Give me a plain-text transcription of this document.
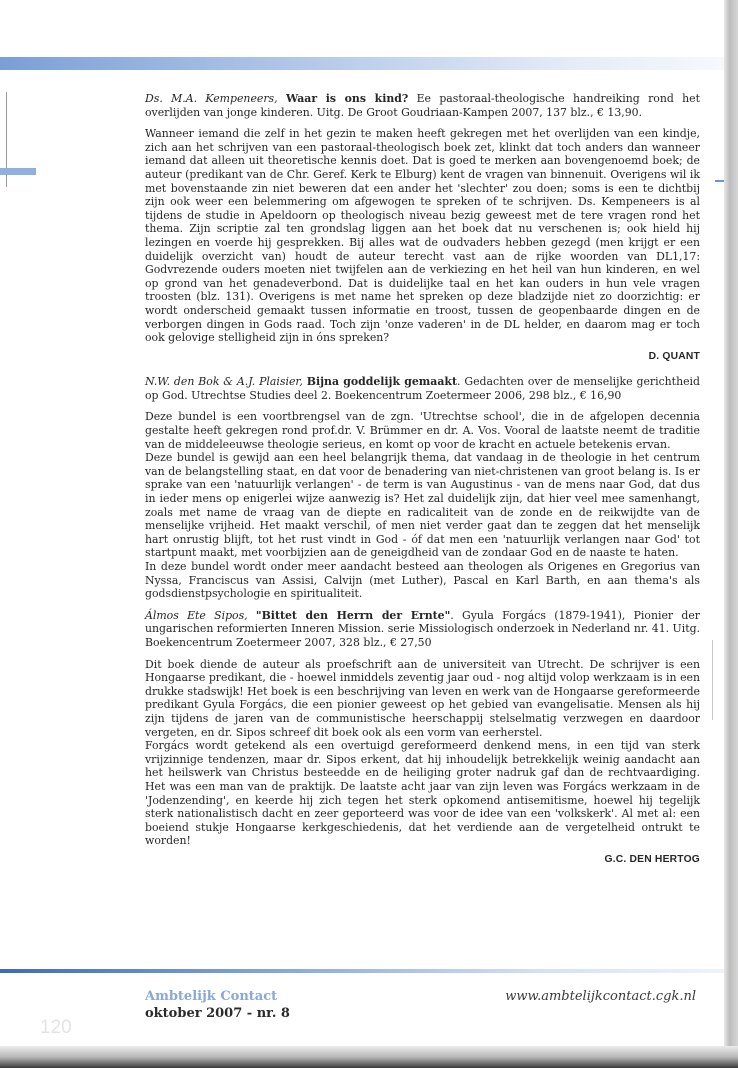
Ds. M.A. Kempeneers, Waar is ons kind? Ee pastoraal-theologische handreiking rond het overlijden van jonge kinderen. Uitg. De Groot Goudriaan-Kampen 2007, 137 blz., € 13,90.

Wanneer iemand die zelf in het gezin te maken heeft gekregen met het overlijden van een kindje, zich aan het schrijven van een pastoraal-theologisch boek zet, klinkt dat toch anders dan wanneer iemand dat alleen uit theoretische kennis doet. Dat is goed te merken aan bovengenoemd boek; de auteur (predikant van de Chr. Geref. Kerk te Elburg) kent de vragen van binnenuit. Overigens wil ik met bovenstaande zin niet beweren dat een ander het 'slechter' zou doen; soms is een te dichtbij zijn ook weer een belemmering om afgewogen te spreken of te schrijven. Ds. Kempeneers is al tijdens de studie in Apeldoorn op theologisch niveau bezig geweest met de tere vragen rond het thema. Zijn scriptie zal ten grondslag liggen aan het boek dat nu verschenen is; ook hield hij lezingen en voerde hij gesprekken. Bij alles wat de oudvaders hebben gezegd (men krijgt er een duidelijk overzicht van) houdt de auteur terecht vast aan de rijke woorden van DL1,17: Godvrezende ouders moeten niet twijfelen aan de verkiezing en het heil van hun kinderen, en wel op grond van het genadeverbond. Dat is duidelijke taal en het kan ouders in hun vele vragen troosten (blz. 131). Overigens is met name het spreken op deze bladzijde niet zo doorzichtig: er wordt onderscheid gemaakt tussen informatie en troost, tussen de geopenbaarde dingen en de verborgen dingen in Gods raad. Toch zijn 'onze vaderen' in de DL helder, en daarom mag er toch ook gelovige stelligheid zijn in óns spreken?

D. QUANT

N.W. den Bok & A.J. Plaisier, Bijna goddelijk gemaakt. Gedachten over de menselijke gerichtheid op God. Utrechtse Studies deel 2. Boekencentrum Zoetermeer 2006, 298 blz., € 16,90

Deze bundel is een voortbrengsel van de zgn. 'Utrechtse school', die in de afgelopen decennia gestalte heeft gekregen rond prof.dr. V. Brümmer en dr. A. Vos. Vooral de laatste neemt de traditie van de middeleeuwse theologie serieus, en komt op voor de kracht en actuele betekenis ervan.

Deze bundel is gewijd aan een heel belangrijk thema, dat vandaag in de theologie in het centrum van de belangstelling staat, en dat voor de benadering van niet-christenen van groot belang is. Is er sprake van een 'natuurlijk verlangen' - de term is van Augustinus - van de mens naar God, dat dus in ieder mens op enigerlei wijze aanwezig is? Het zal duidelijk zijn, dat hier veel mee samenhangt, zoals met name de vraag van de diepte en radicaliteit van de zonde en de reikwijdte van de menselijke vrijheid. Het maakt verschil, of men niet verder gaat dan te zeggen dat het menselijk hart onrustig blijft, tot het rust vindt in God - óf dat men een 'natuurlijk verlangen naar God' tot startpunt maakt, met voorbijzien aan de geneigdheid van de zondaar God en de naaste te haten.

In deze bundel wordt onder meer aandacht besteed aan theologen als Origenes en Gregorius van Nyssa, Franciscus van Assisi, Calvijn (met Luther), Pascal en Karl Barth, en aan thema's als godsdienstpsychologie en spiritualiteit.

Álmos Ete Sipos, "Bittet den Herrn der Ernte". Gyula Forgács (1879-1941), Pionier der ungarischen reformierten Inneren Mission. serie Missiologisch onderzoek in Nederland nr. 41. Uitg. Boekencentrum Zoetermeer 2007, 328 blz., € 27,50

Dit boek diende de auteur als proefschrift aan de universiteit van Utrecht. De schrijver is een Hongaarse predikant, die - hoewel inmiddels zeventig jaar oud - nog altijd volop werkzaam is in een drukke stadswijk! Het boek is een beschrijving van leven en werk van de Hongaarse gereformeerde predikant Gyula Forgács, die een pionier geweest op het gebied van evangelisatie. Mensen als hij zijn tijdens de jaren van de communistische heerschappij stelselmatig verzwegen en daardoor vergeten, en dr. Sipos schreef dit boek ook als een vorm van eerherstel.

Forgács wordt getekend als een overtuigd gereformeerd denkend mens, in een tijd van sterk vrijzinnige tendenzen, maar dr. Sipos erkent, dat hij inhoudelijk betrekkelijk weinig aandacht aan het heilswerk van Christus besteedde en de heiliging groter nadruk gaf dan de rechtvaardiging. Het was een man van de praktijk. De laatste acht jaar van zijn leven was Forgács werkzaam in de 'Jodenzending', en keerde hij zich tegen het sterk opkomend antisemitisme, hoewel hij tegelijk sterk nationalistisch dacht en zeer geporteerd was voor de idee van een 'volkskerk'. Al met al: een boeiend stukje Hongaarse kerkgeschiedenis, dat het verdiende aan de vergetelheid ontrukt te worden!

G.C. DEN HERTOG

120
Ambtelijk Contact
oktober 2007 - nr. 8
www.ambtelijkcontact.cgk.nl
